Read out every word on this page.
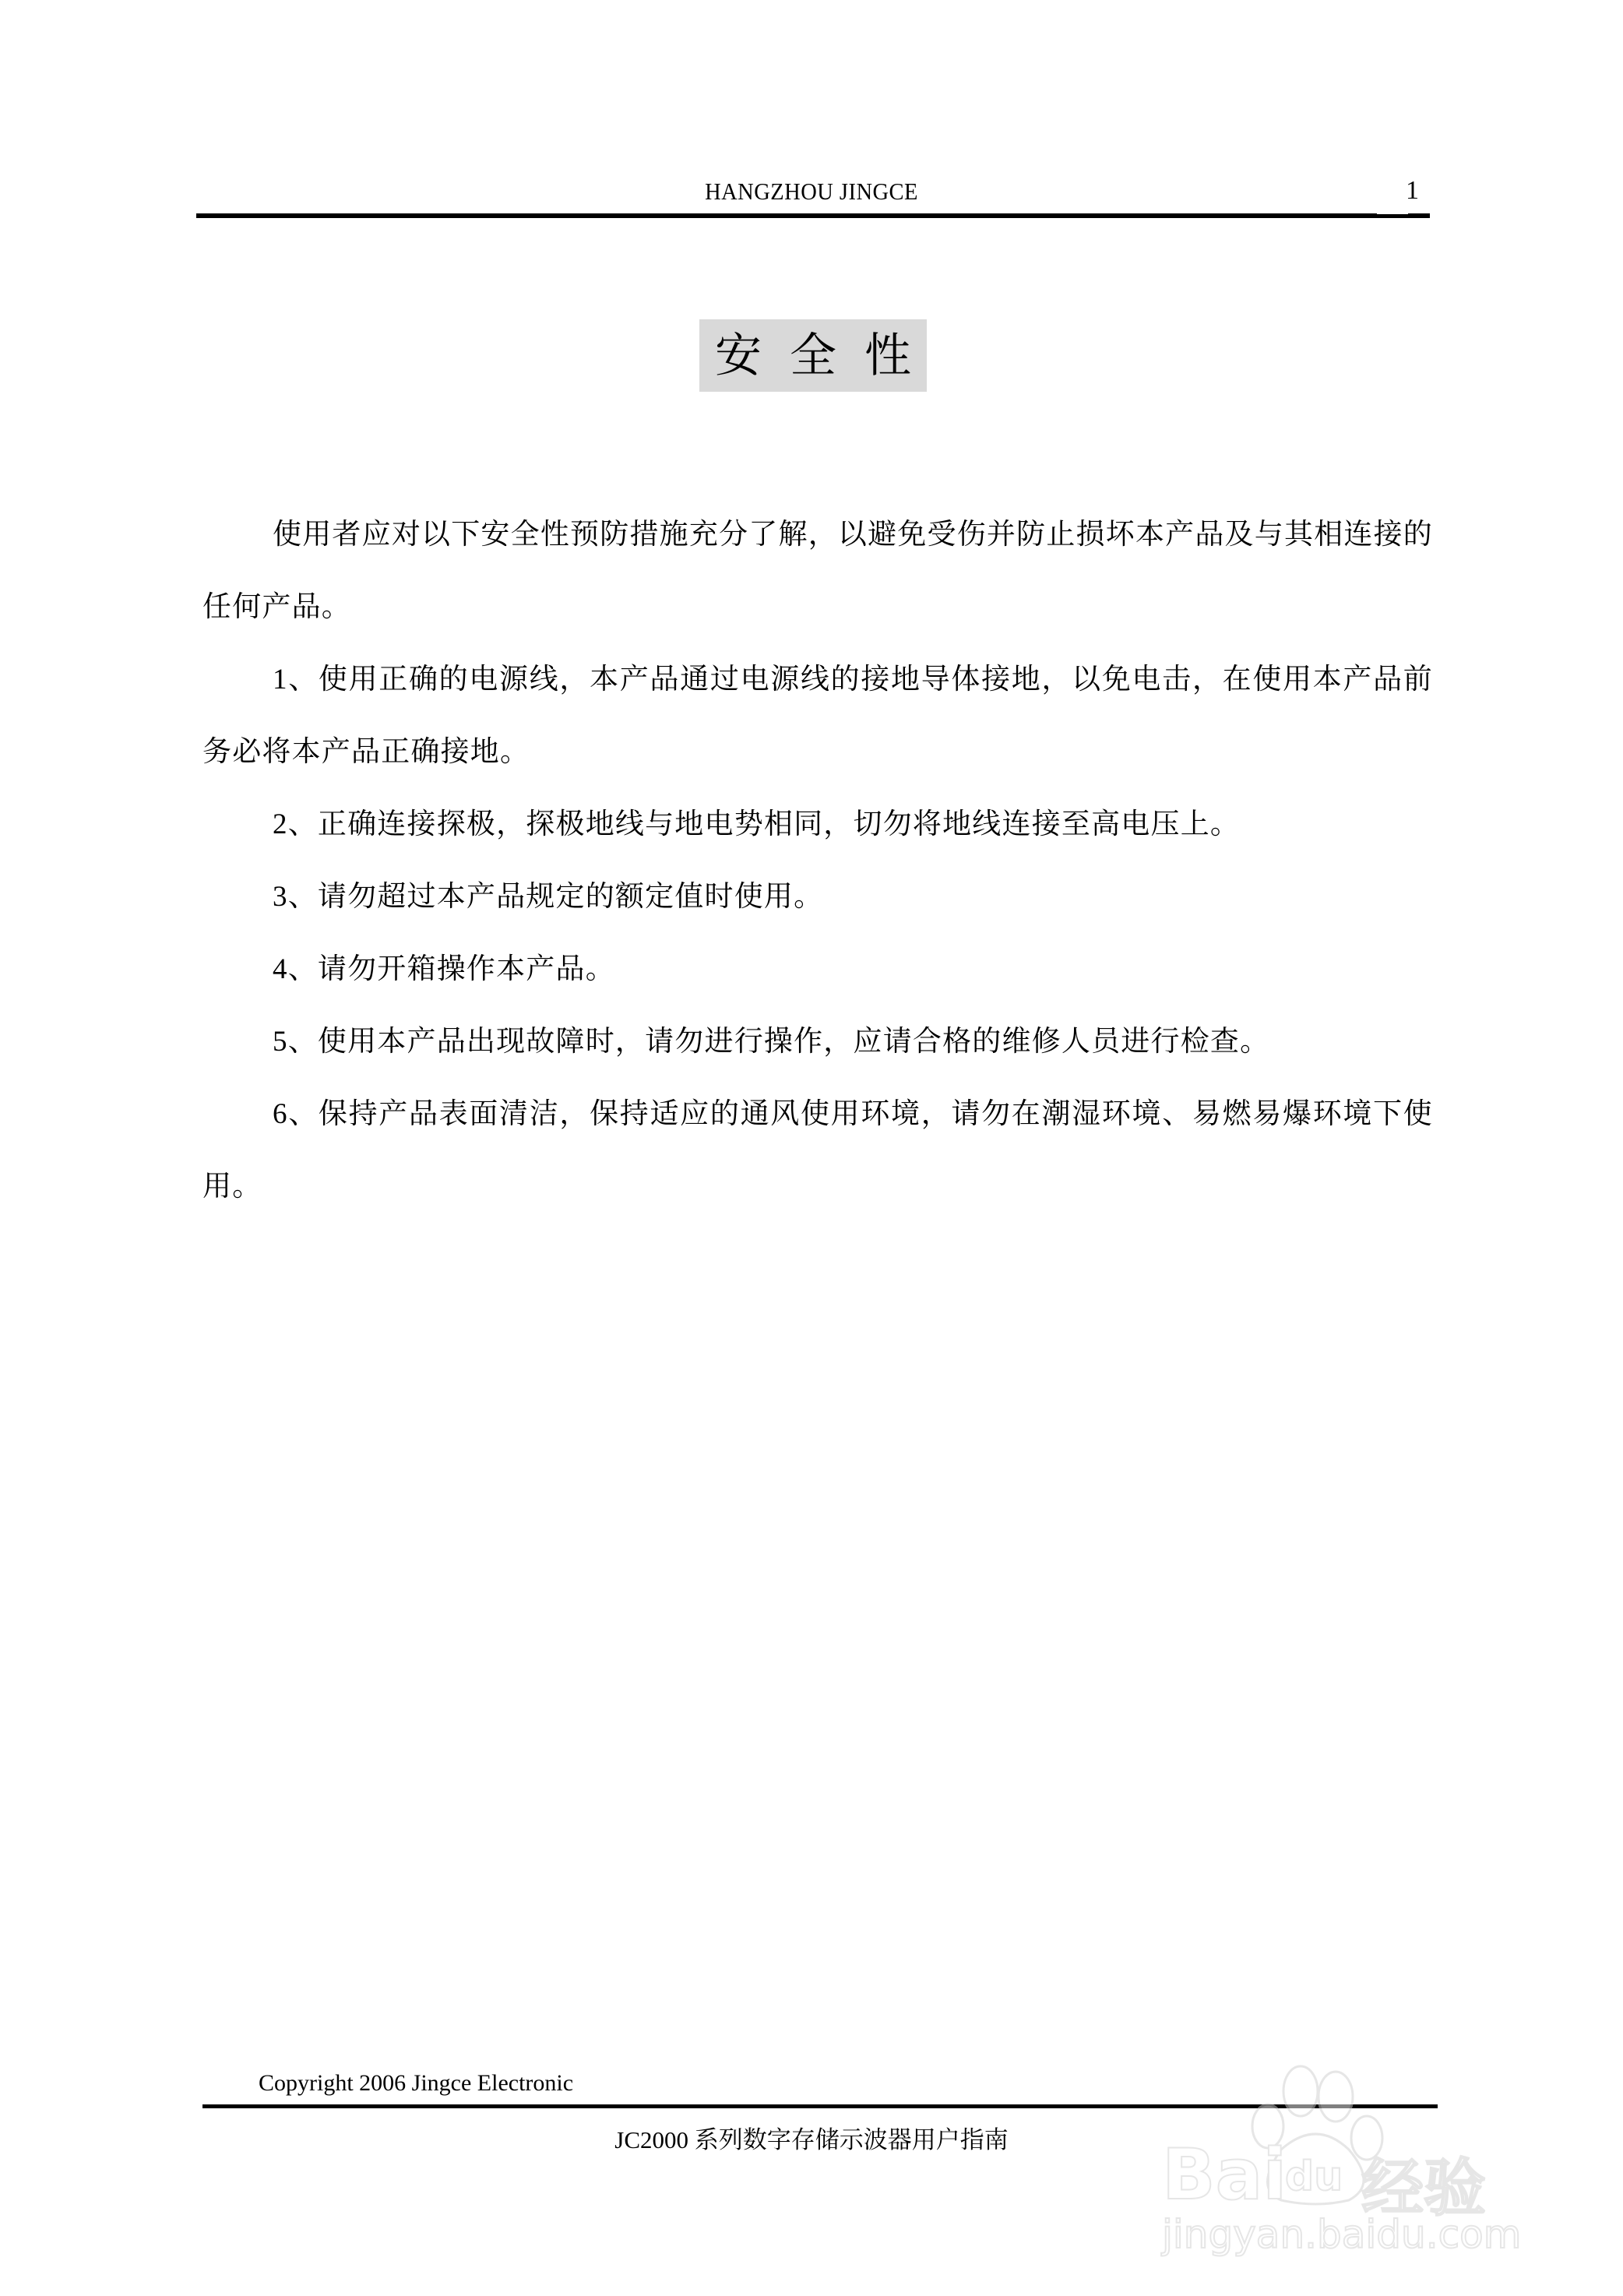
HANGZHOU JINGCE	1
安全性

使用者应对以下安全性预防措施充分了解，以避免受伤并防止损坏本产品及与其相连接的任何产品。

1、使用正确的电源线，本产品通过电源线的接地导体接地，以免电击，在使用本产品前务必将本产品正确接地。

2、正确连接探极，探极地线与地电势相同，切勿将地线连接至高电压上。

3、请勿超过本产品规定的额定值时使用。

4、请勿开箱操作本产品。

5、使用本产品出现故障时，请勿进行操作，应请合格的维修人员进行检查。

6、保持产品表面清洁，保持适应的通风使用环境，请勿在潮湿环境、易燃易爆环境下使用。

Copyright 2006 Jingce Electronic
JC2000 系列数字存储示波器用户指南	Bai
du 经验
jingyan.baidu.com
